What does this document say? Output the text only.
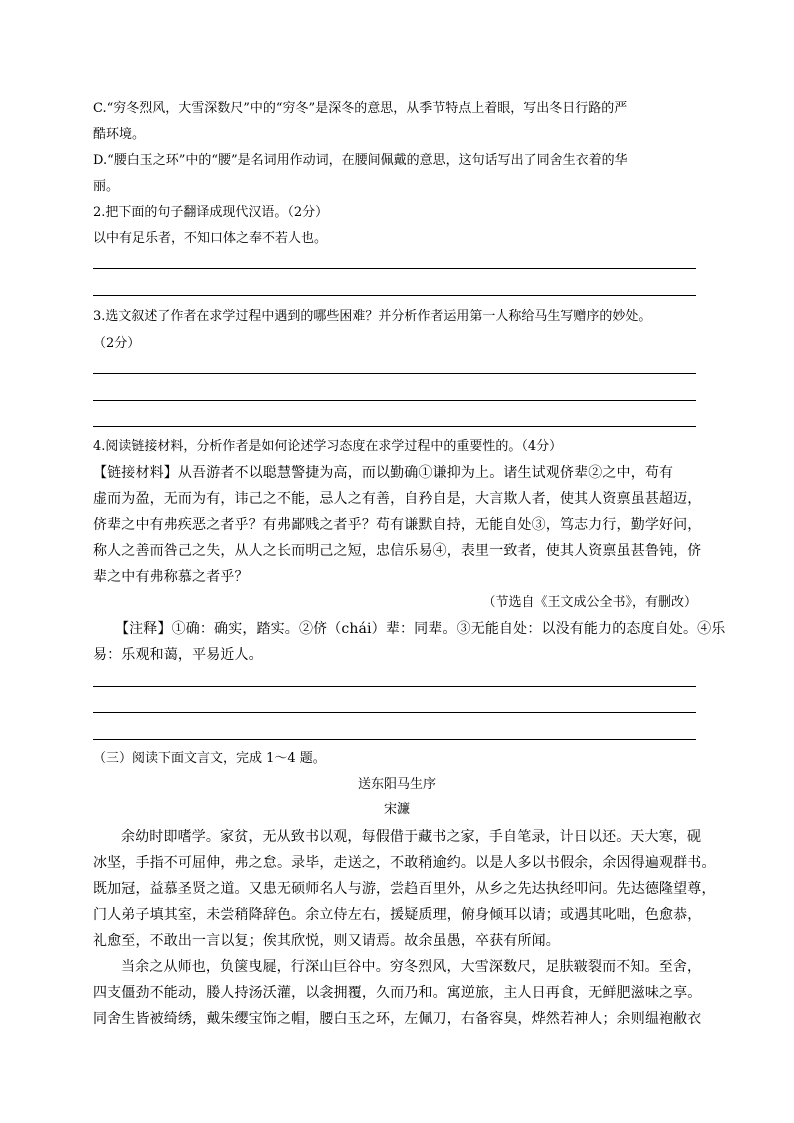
C.“穷冬烈风，大雪深数尺”中的“穷冬”是深冬的意思，从季节特点上着眼，写出冬日行路的严
酷环境。
D.“腰白玉之环”中的“腰”是名词用作动词，在腰间佩戴的意思，这句话写出了同舍生衣着的华
丽。
2.把下面的句子翻译成现代汉语。（2分）
以中有足乐者，不知口体之奉不若人也。
3.选文叙述了作者在求学过程中遇到的哪些困难？并分析作者运用第一人称给马生写赠序的妙处。
（2分）
4.阅读链接材料，分析作者是如何论述学习态度在求学过程中的重要性的。（4分）
【链接材料】从吾游者不以聪慧警捷为高，而以勤确①谦抑为上。诸生试观侪辈②之中，苟有
虚而为盈，无而为有，讳己之不能，忌人之有善，自矜自是，大言欺人者，使其人资禀虽甚超迈，
侪辈之中有弗疾恶之者乎？有弗鄙贱之者乎？苟有谦默自持，无能自处③，笃志力行，勤学好问，
称人之善而咎己之失，从人之长而明己之短，忠信乐易④，表里一致者，使其人资禀虽甚鲁钝，侪
辈之中有弗称慕之者乎？
（节选自《王文成公全书》，有删改）
【注释】①确：确实，踏实。②侪（chái）辈：同辈。③无能自处：以没有能力的态度自处。④乐
易：乐观和蔼，平易近人。
（三）阅读下面文言文，完成 1～4 题。
送东阳马生序
宋濂
余幼时即嗜学。家贫，无从致书以观，每假借于藏书之家，手自笔录，计日以还。天大寒，砚
冰坚，手指不可屈伸，弗之怠。录毕，走送之，不敢稍逾约。以是人多以书假余，余因得遍观群书。
既加冠，益慕圣贤之道。又患无硕师名人与游，尝趋百里外，从乡之先达执经叩问。先达德隆望尊，
门人弟子填其室，未尝稍降辞色。余立侍左右，援疑质理，俯身倾耳以请；或遇其叱咄，色愈恭，
礼愈至，不敢出一言以复；俟其欣悦，则又请焉。故余虽愚，卒获有所闻。
当余之从师也，负箧曳屣，行深山巨谷中。穷冬烈风，大雪深数尺，足肤皲裂而不知。至舍，
四支僵劲不能动，媵人持汤沃灌，以衾拥覆，久而乃和。寓逆旅，主人日再食，无鲜肥滋味之享。
同舍生皆被绮绣，戴朱缨宝饰之帽，腰白玉之环，左佩刀，右备容臭，烨然若神人；余则缊袍敝衣
